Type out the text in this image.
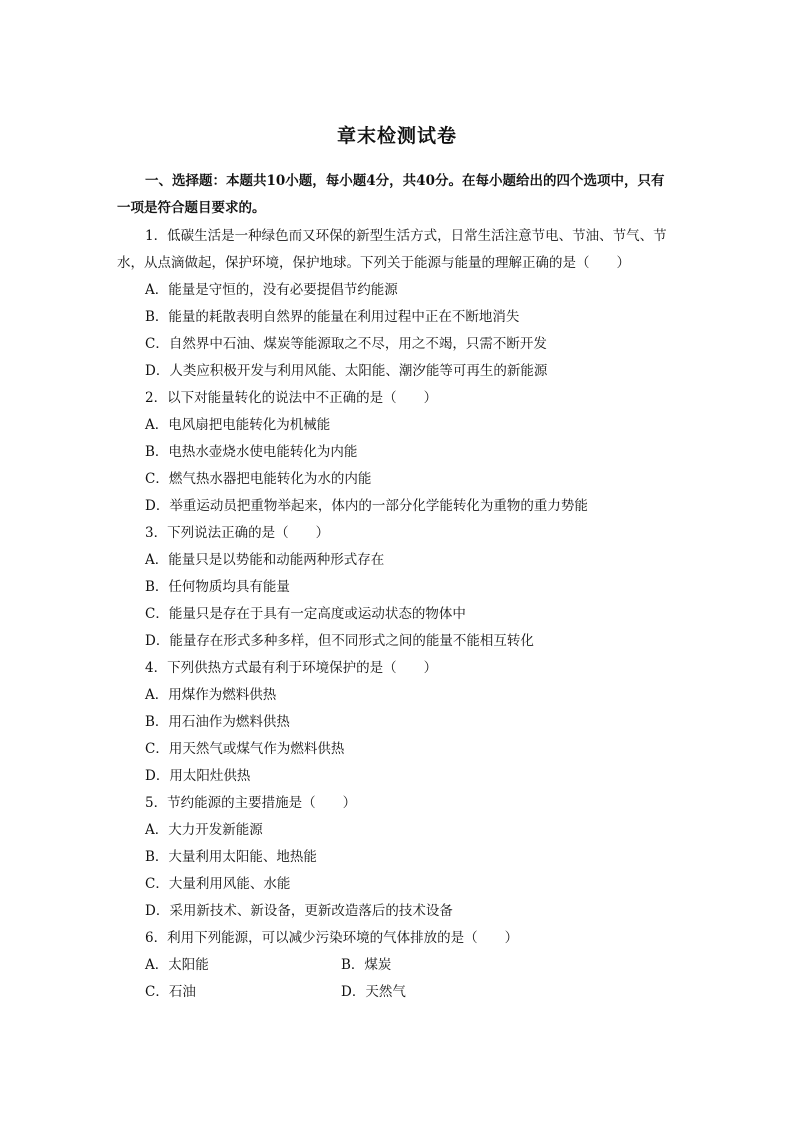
章末检测试卷
一、选择题：本题共10小题，每小题4分，共40分。在每小题给出的四个选项中，只有一项是符合题目要求的。

1．低碳生活是一种绿色而又环保的新型生活方式，日常生活注意节电、节油、节气、节水，从点滴做起，保护环境，保护地球。下列关于能源与能量的理解正确的是（　　）

A．能量是守恒的，没有必要提倡节约能源

B．能量的耗散表明自然界的能量在利用过程中正在不断地消失

C．自然界中石油、煤炭等能源取之不尽，用之不竭，只需不断开发

D．人类应积极开发与利用风能、太阳能、潮汐能等可再生的新能源

2．以下对能量转化的说法中不正确的是（　　）

A．电风扇把电能转化为机械能

B．电热水壶烧水使电能转化为内能

C．燃气热水器把电能转化为水的内能

D．举重运动员把重物举起来，体内的一部分化学能转化为重物的重力势能

3．下列说法正确的是（　　）

A．能量只是以势能和动能两种形式存在

B．任何物质均具有能量

C．能量只是存在于具有一定高度或运动状态的物体中

D．能量存在形式多种多样，但不同形式之间的能量不能相互转化

4．下列供热方式最有利于环境保护的是（　　）

A．用煤作为燃料供热

B．用石油作为燃料供热

C．用天然气或煤气作为燃料供热

D．用太阳灶供热

5．节约能源的主要措施是（　　）

A．大力开发新能源

B．大量利用太阳能、地热能

C．大量利用风能、水能

D．采用新技术、新设备，更新改造落后的技术设备

6．利用下列能源，可以减少污染环境的气体排放的是（　　）

A．太阳能	B．煤炭
C．石油	D．天然气
